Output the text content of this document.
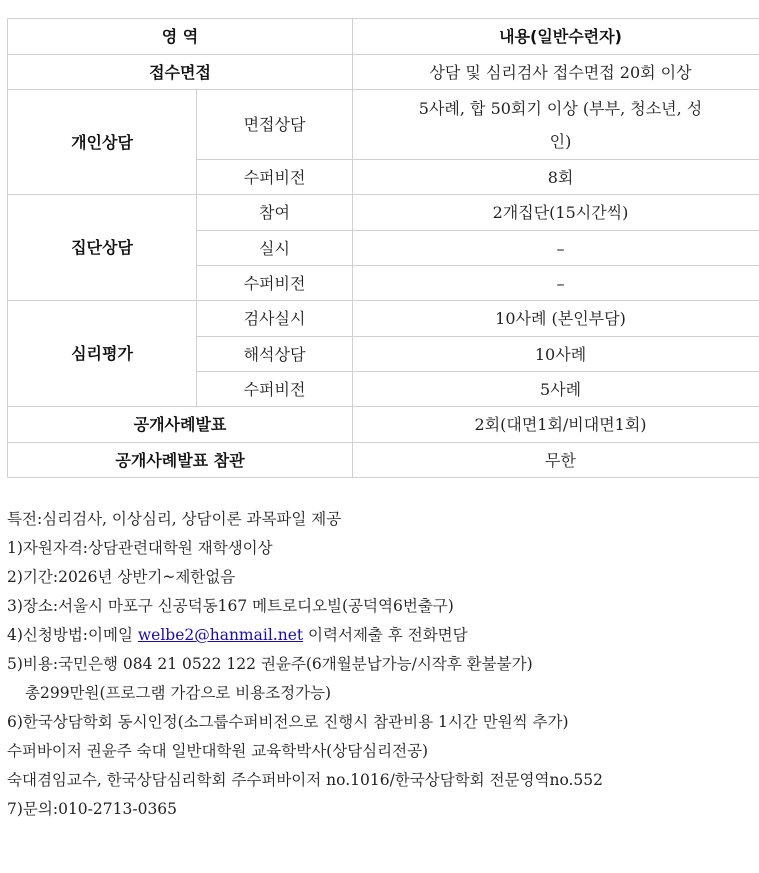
영 역		내용(일반수련자)
접수면접		상담 및 심리검사 접수면접 20회 이상
개인상담	면접상담	5사례, 합 50회기 이상 (부부, 청소년, 성
인)
	수퍼비전	8회
집단상담	참여	2개집단(15시간씩)
	실시	–
	수퍼비전	–
심리평가	검사실시	10사례 (본인부담)
	해석상담	10사례
	수퍼비전	5사례
공개사례발표		2회(대면1회/비대면1회)
공개사례발표 참관		무한
특전:심리검사, 이상심리, 상담이론 과목파일 제공
1)자원자격:상담관련대학원 재학생이상
2)기간:2026년 상반기~제한없음
3)장소:서울시 마포구 신공덕동167 메트로디오빌(공덕역6번출구)
4)신청방법:이메일 welbe2@hanmail.net 이력서제출 후 전화면담
5)비용:국민은행 084 21 0522 122 권윤주(6개월분납가능/시작후 환불불가)
총299만원(프로그램 가감으로 비용조정가능)
6)한국상담학회 동시인정(소그룹수퍼비전으로 진행시 참관비용 1시간 만원씩 추가)
수퍼바이저 권윤주 숙대 일반대학원 교육학박사(상담심리전공)
숙대겸임교수, 한국상담심리학회 주수퍼바이저 no.1016/한국상담학회 전문영역no.552
7)문의:010-2713-0365
